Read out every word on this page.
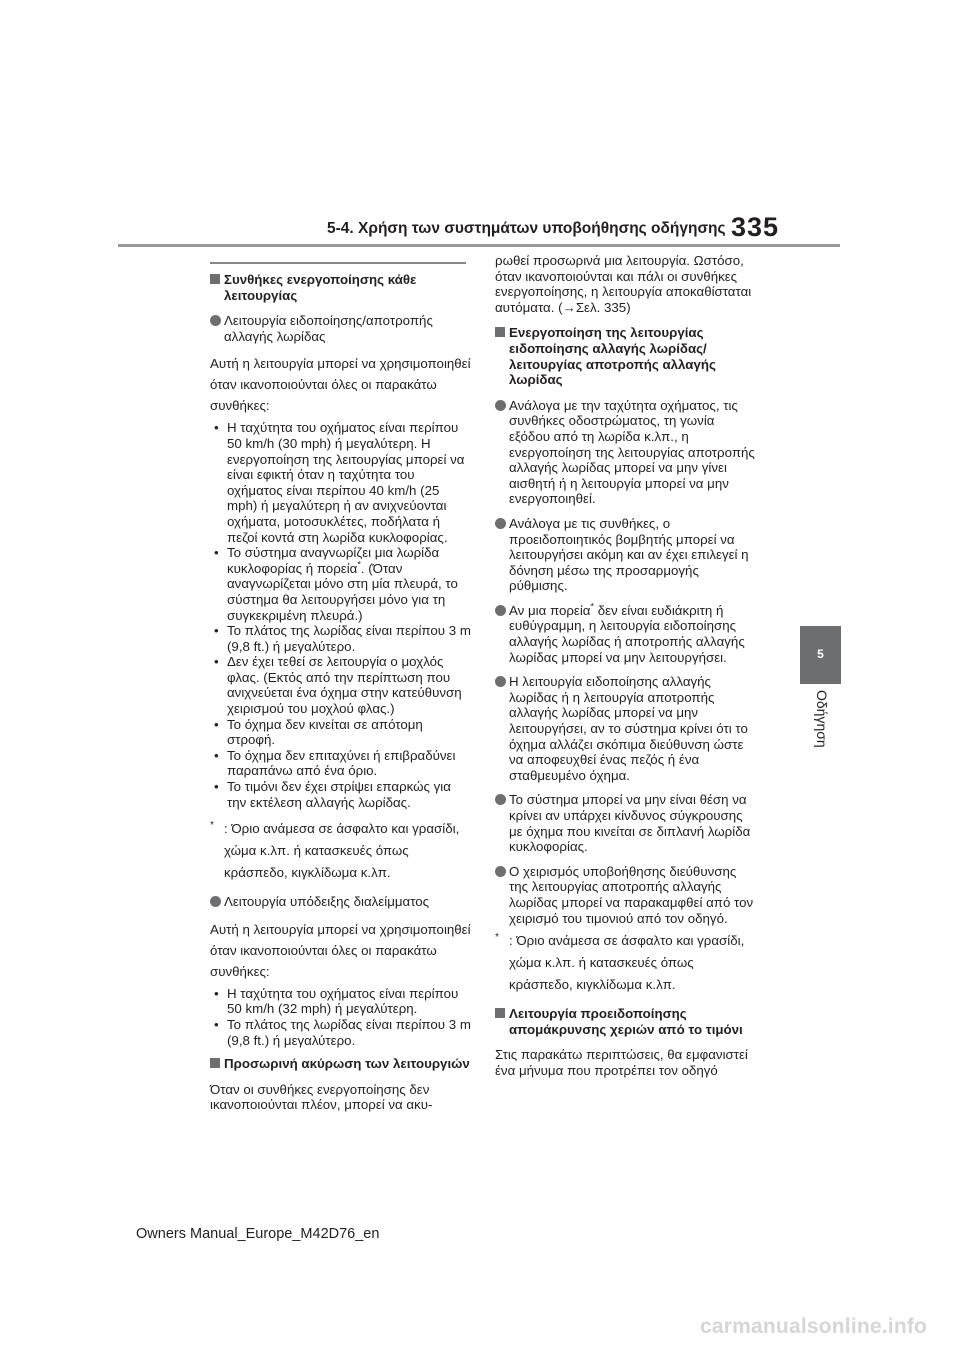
5-4. Χρήση των συστημάτων υποβοήθησης οδήγησης 335
5
Οδήγηση
Συνθήκες ενεργοποίησης κάθε λειτουργίας
Λειτουργία ειδοποίησης/αποτροπής αλλαγής λωρίδας

Αυτή η λειτουργία μπορεί να χρησιμοποιηθεί όταν ικανοποιούνται όλες οι παρακάτω συνθήκες:

• Η ταχύτητα του οχήματος είναι περίπου 50 km/h (30 mph) ή μεγαλύτερη. Η ενεργοποίηση της λειτουργίας μπορεί να είναι εφικτή όταν η ταχύτητα του οχήματος είναι περίπου 40 km/h (25 mph) ή μεγαλύτερη ή αν ανιχνεύονται οχήματα, μοτοσυκλέτες, ποδήλατα ή πεζοί κοντά στη λωρίδα κυκλοφορίας.
• Το σύστημα αναγνωρίζει μια λωρίδα κυκλοφορίας ή πορεία*. (Όταν αναγνωρίζεται μόνο στη μία πλευρά, το σύστημα θα λειτουργήσει μόνο για τη συγκεκριμένη πλευρά.)
• Το πλάτος της λωρίδας είναι περίπου 3 m (9,8 ft.) ή μεγαλύτερο.
• Δεν έχει τεθεί σε λειτουργία ο μοχλός φλας. (Εκτός από την περίπτωση που ανιχνεύεται ένα όχημα στην κατεύθυνση χειρισμού του μοχλού φλας.)
• Το όχημα δεν κινείται σε απότομη στροφή.
• Το όχημα δεν επιταχύνει ή επιβραδύνει παραπάνω από ένα όριο.
• Το τιμόνι δεν έχει στρίψει επαρκώς για την εκτέλεση αλλαγής λωρίδας.
* : Όριο ανάμεσα σε άσφαλτο και γρασίδι, χώμα κ.λπ. ή κατασκευές όπως κράσπεδο, κιγκλίδωμα κ.λπ.
Λειτουργία υπόδειξης διαλείμματος

Αυτή η λειτουργία μπορεί να χρησιμοποιηθεί όταν ικανοποιούνται όλες οι παρακάτω συνθήκες:

• Η ταχύτητα του οχήματος είναι περίπου 50 km/h (32 mph) ή μεγαλύτερη.
• Το πλάτος της λωρίδας είναι περίπου 3 m (9,8 ft.) ή μεγαλύτερο.
Προσωρινή ακύρωση των λειτουργιών

Όταν οι συνθήκες ενεργοποίησης δεν ικανοποιούνται πλέον, μπορεί να ακυ-

ρωθεί προσωρινά μια λειτουργία. Ωστόσο, όταν ικανοποιούνται και πάλι οι συνθήκες ενεργοποίησης, η λειτουργία αποκαθίσταται αυτόματα. (→Σελ. 335)

Ενεργοποίηση της λειτουργίας ειδοποίησης αλλαγής λωρίδας/λειτουργίας αποτροπής αλλαγής λωρίδας
Ανάλογα με την ταχύτητα οχήματος, τις συνθήκες οδοστρώματος, τη γωνία εξόδου από τη λωρίδα κ.λπ., η ενεργοποίηση της λειτουργίας αποτροπής αλλαγής λωρίδας μπορεί να μην γίνει αισθητή ή η λειτουργία μπορεί να μην ενεργοποιηθεί.
Ανάλογα με τις συνθήκες, ο προειδοποιητικός βομβητής μπορεί να λειτουργήσει ακόμη και αν έχει επιλεγεί η δόνηση μέσω της προσαρμογής ρύθμισης.
Αν μια πορεία* δεν είναι ευδιάκριτη ή ευθύγραμμη, η λειτουργία ειδοποίησης αλλαγής λωρίδας ή αποτροπής αλλαγής λωρίδας μπορεί να μην λειτουργήσει.
Η λειτουργία ειδοποίησης αλλαγής λωρίδας ή η λειτουργία αποτροπής αλλαγής λωρίδας μπορεί να μην λειτουργήσει, αν το σύστημα κρίνει ότι το όχημα αλλάζει σκόπιμα διεύθυνση ώστε να αποφευχθεί ένας πεζός ή ένα σταθμευμένο όχημα.
Το σύστημα μπορεί να μην είναι θέση να κρίνει αν υπάρχει κίνδυνος σύγκρουσης με όχημα που κινείται σε διπλανή λωρίδα κυκλοφορίας.
Ο χειρισμός υποβοήθησης διεύθυνσης της λειτουργίας αποτροπής αλλαγής λωρίδας μπορεί να παρακαμφθεί από τον χειρισμό του τιμονιού από τον οδηγό.
* : Όριο ανάμεσα σε άσφαλτο και γρασίδι, χώμα κ.λπ. ή κατασκευές όπως κράσπεδο, κιγκλίδωμα κ.λπ.
Λειτουργία προειδοποίησης απομάκρυνσης χεριών από το τιμόνι

Στις παρακάτω περιπτώσεις, θα εμφανιστεί ένα μήνυμα που προτρέπει τον οδηγό

Owners Manual_Europe_M42D76_en
carmanualsonline.info
